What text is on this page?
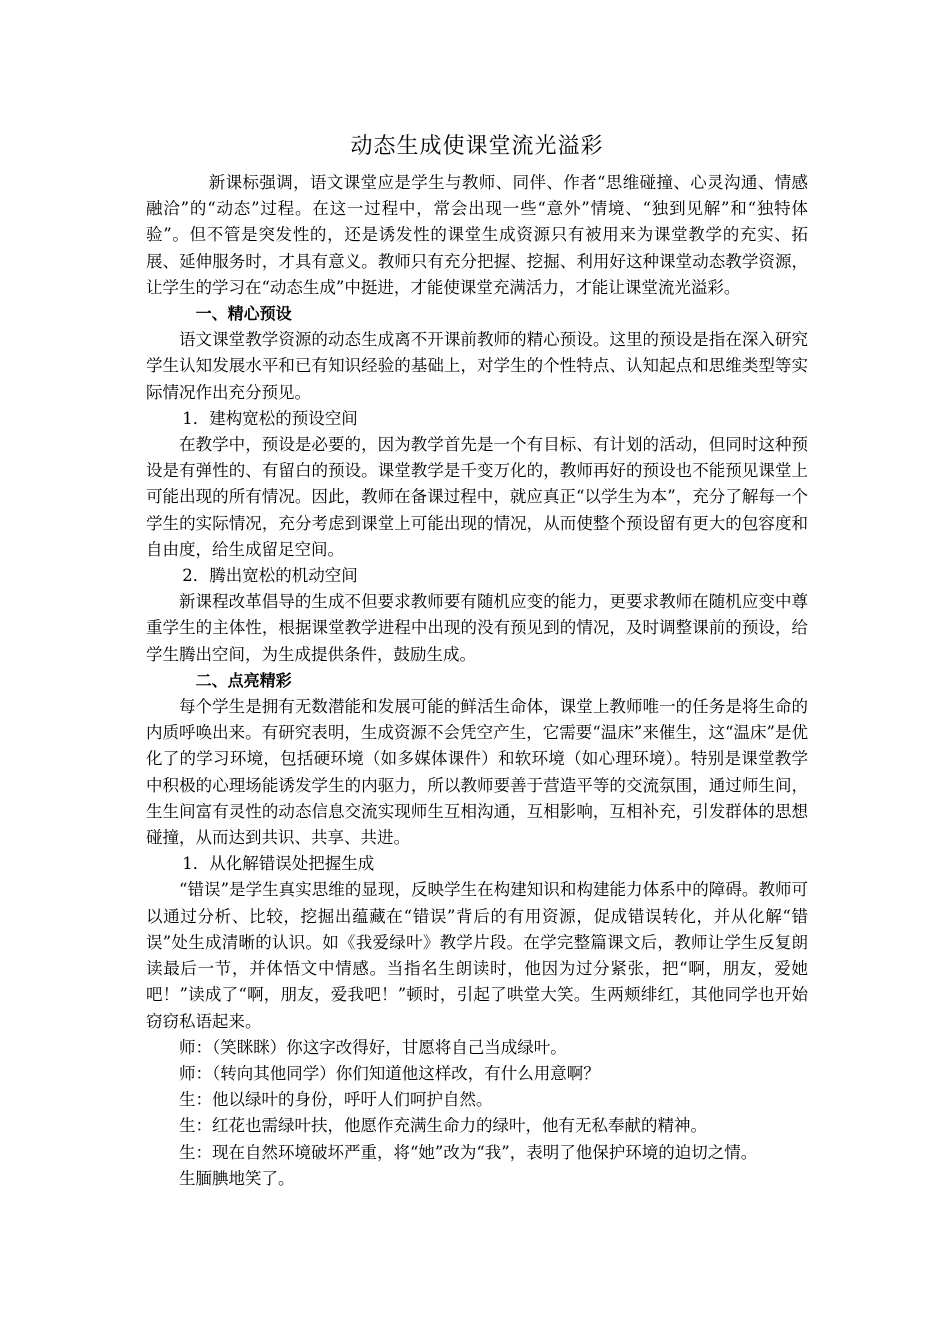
动态生成使课堂流光溢彩

新课标强调，语文课堂应是学生与教师、同伴、作者“思维碰撞、心灵沟通、情感融洽”的“动态”过程。在这一过程中，常会出现一些“意外”情境、“独到见解”和“独特体验”。但不管是突发性的，还是诱发性的课堂生成资源只有被用来为课堂教学的充实、拓展、延伸服务时，才具有意义。教师只有充分把握、挖掘、利用好这种课堂动态教学资源，让学生的学习在“动态生成”中挺进，才能使课堂充满活力，才能让课堂流光溢彩。

一、精心预设

语文课堂教学资源的动态生成离不开课前教师的精心预设。这里的预设是指在深入研究学生认知发展水平和已有知识经验的基础上，对学生的个性特点、认知起点和思维类型等实际情况作出充分预见。

1．建构宽松的预设空间

在教学中，预设是必要的，因为教学首先是一个有目标、有计划的活动，但同时这种预设是有弹性的、有留白的预设。课堂教学是千变万化的，教师再好的预设也不能预见课堂上可能出现的所有情况。因此，教师在备课过程中，就应真正“以学生为本”，充分了解每一个学生的实际情况，充分考虑到课堂上可能出现的情况，从而使整个预设留有更大的包容度和自由度，给生成留足空间。

2．腾出宽松的机动空间

新课程改革倡导的生成不但要求教师要有随机应变的能力，更要求教师在随机应变中尊重学生的主体性，根据课堂教学进程中出现的没有预见到的情况，及时调整课前的预设，给学生腾出空间，为生成提供条件，鼓励生成。

二、点亮精彩

每个学生是拥有无数潜能和发展可能的鲜活生命体，课堂上教师唯一的任务是将生命的内质呼唤出来。有研究表明，生成资源不会凭空产生，它需要“温床”来催生，这“温床”是优化了的学习环境，包括硬环境（如多媒体课件）和软环境（如心理环境）。特别是课堂教学中积极的心理场能诱发学生的内驱力，所以教师要善于营造平等的交流氛围，通过师生间，生生间富有灵性的动态信息交流实现师生互相沟通，互相影响，互相补充，引发群体的思想碰撞，从而达到共识、共享、共进。

1．从化解错误处把握生成

“错误”是学生真实思维的显现，反映学生在构建知识和构建能力体系中的障碍。教师可以通过分析、比较，挖掘出蕴藏在“错误”背后的有用资源，促成错误转化，并从化解“错误”处生成清晰的认识。如《我爱绿叶》教学片段。在学完整篇课文后，教师让学生反复朗读最后一节，并体悟文中情感。当指名生朗读时，他因为过分紧张，把“啊，朋友，爱她吧！”读成了“啊，朋友，爱我吧！”顿时，引起了哄堂大笑。生两颊绯红，其他同学也开始窃窃私语起来。

师：（笑眯眯）你这字改得好，甘愿将自己当成绿叶。

师：（转向其他同学）你们知道他这样改，有什么用意啊？

生：他以绿叶的身份，呼吁人们呵护自然。

生：红花也需绿叶扶，他愿作充满生命力的绿叶，他有无私奉献的精神。

生：现在自然环境破坏严重，将“她”改为“我”，表明了他保护环境的迫切之情。

生腼腆地笑了。
